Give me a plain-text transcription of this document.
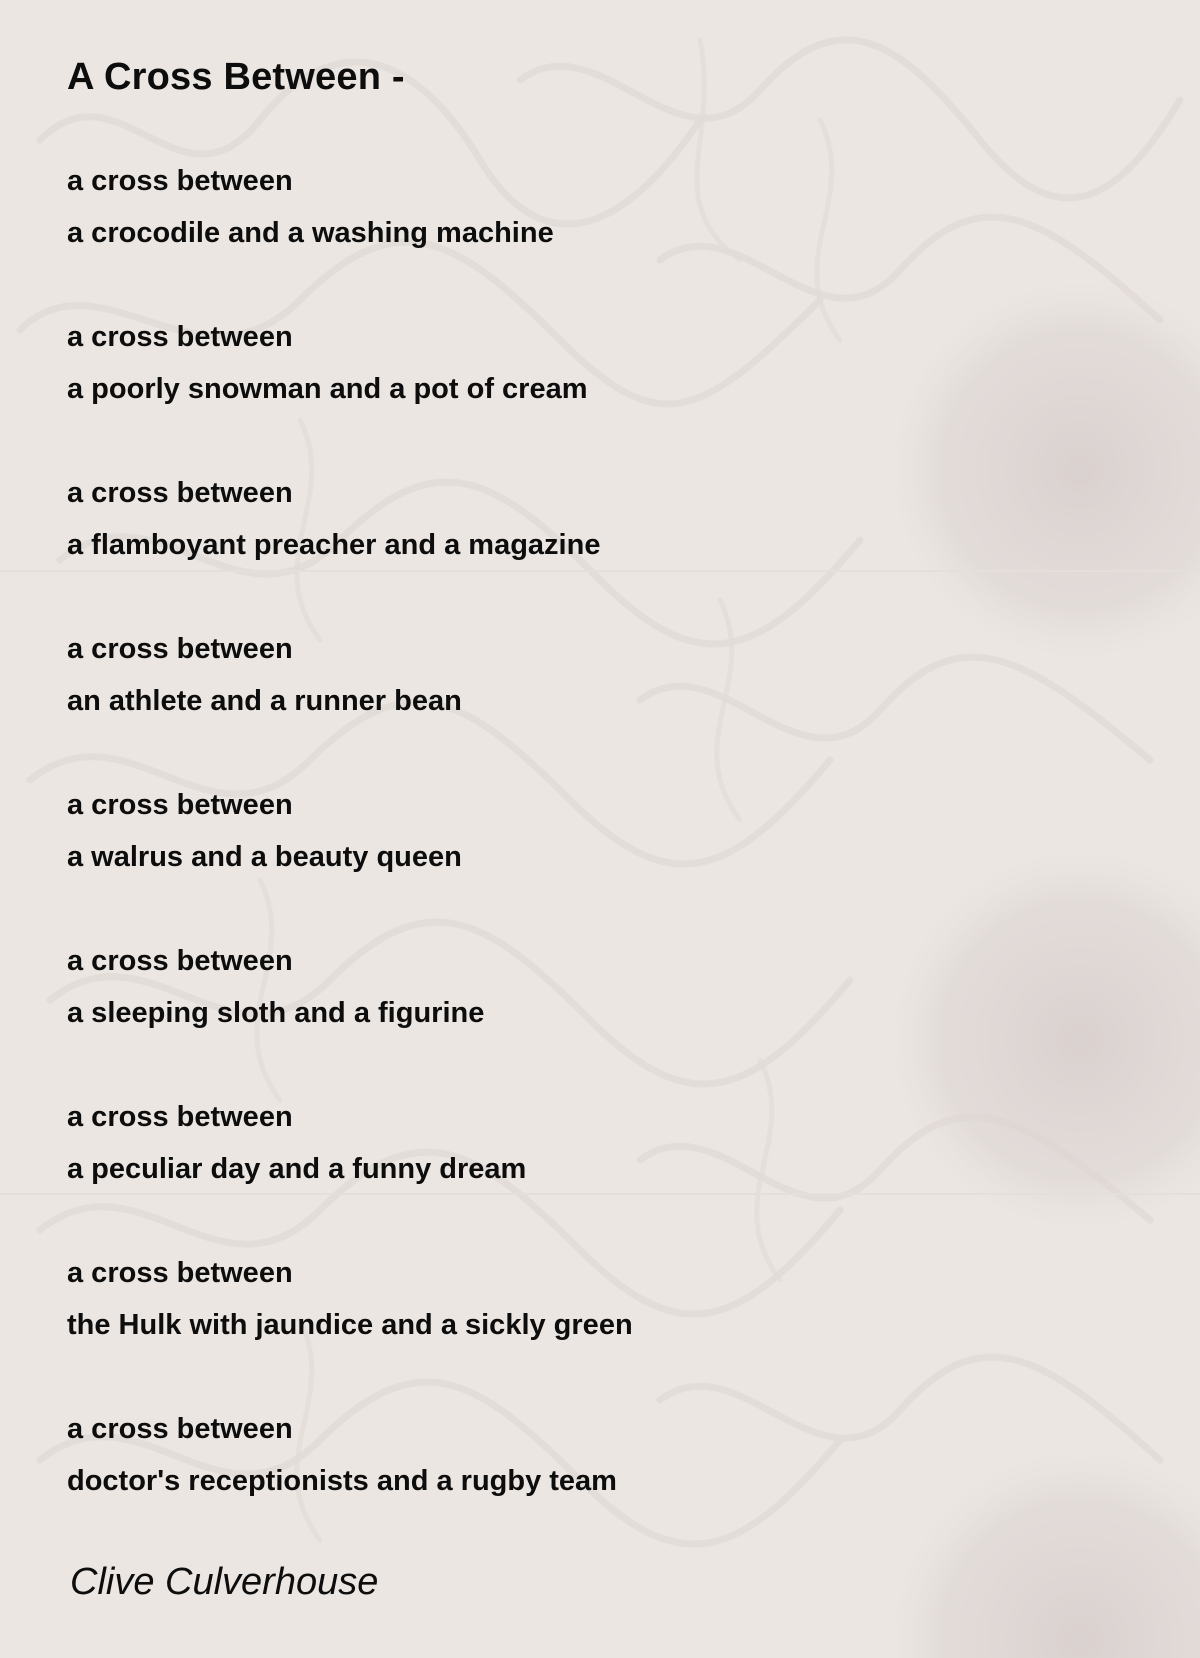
A Cross Between -
a cross between
a crocodile and a washing machine
a cross between
a poorly snowman and a pot of cream
a cross between
a flamboyant preacher and a magazine
a cross between
an athlete and a runner bean
a cross between
a walrus and a beauty queen
a cross between
a sleeping sloth and a figurine
a cross between
a peculiar day and a funny dream
a cross between
the Hulk with jaundice and a sickly green
a cross between
doctor's receptionists and a rugby team
Clive Culverhouse
